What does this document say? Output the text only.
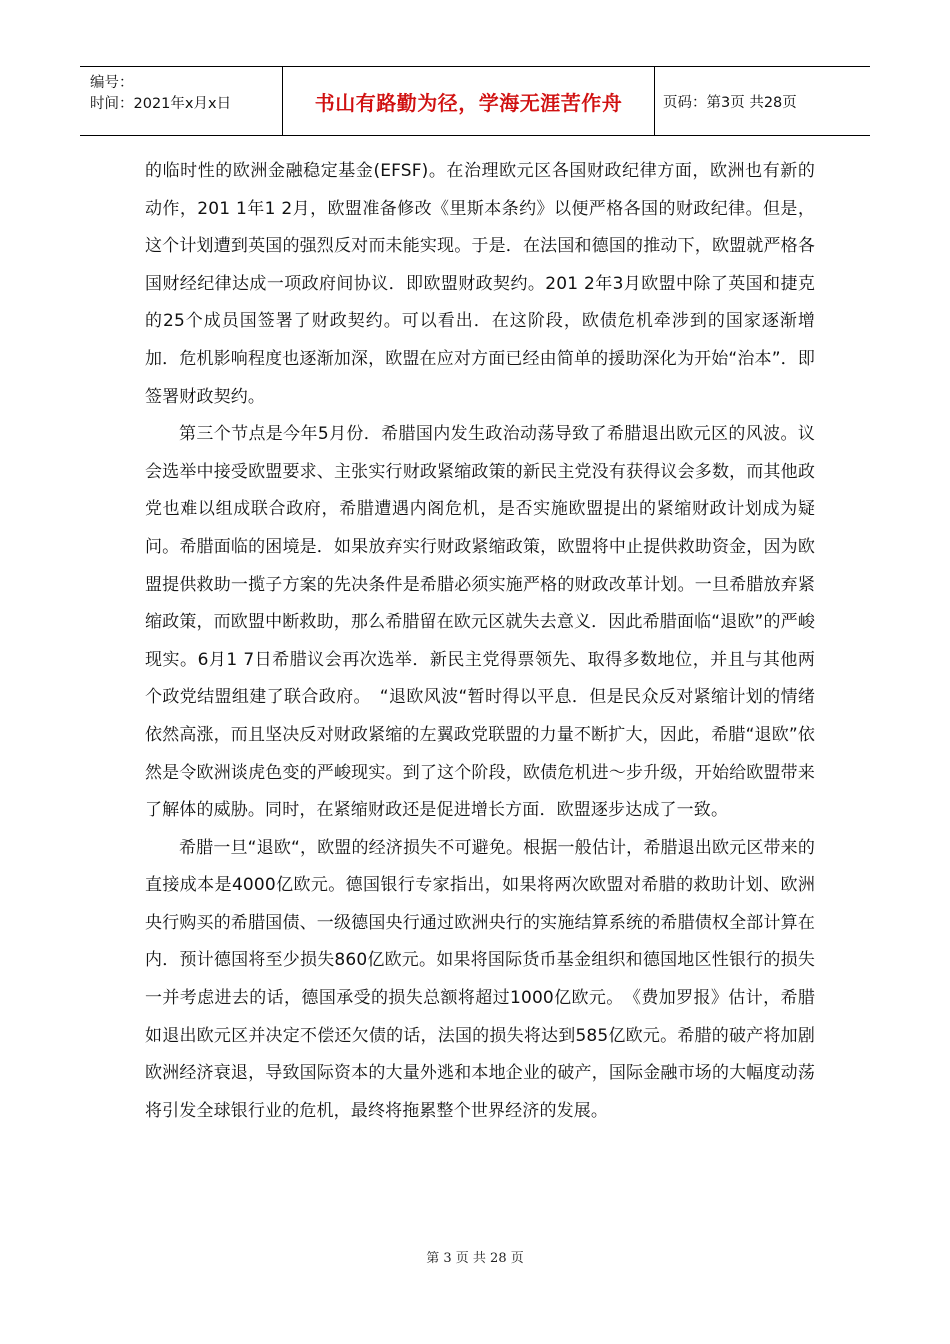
编号：
时间：2021年x月x日	书山有路勤为径，学海无涯苦作舟	页码：第3页 共28页

的临时性的欧洲金融稳定基金(EFSF)。在治理欧元区各国财政纪律方面，欧洲也有新的动作，201 1年1 2月，欧盟准备修改《里斯本条约》以便严格各国的财政纪律。但是，这个计划遭到英国的强烈反对而未能实现。于是．在法国和德国的推动下，欧盟就严格各国财经纪律达成一项政府间协议．即欧盟财政契约。201 2年3月欧盟中除了英国和捷克的25个成员国签署了财政契约。可以看出．在这阶段，欧债危机牵涉到的国家逐渐增加．危机影响程度也逐渐加深，欧盟在应对方面已经由简单的援助深化为开始“治本”．即签署财政契约。

第三个节点是今年5月份．希腊国内发生政治动荡导致了希腊退出欧元区的风波。议会选举中接受欧盟要求、主张实行财政紧缩政策的新民主党没有获得议会多数，而其他政党也难以组成联合政府，希腊遭遇内阁危机，是否实施欧盟提出的紧缩财政计划成为疑问。希腊面临的困境是．如果放弃实行财政紧缩政策，欧盟将中止提供救助资金，因为欧盟提供救助一揽子方案的先决条件是希腊必须实施严格的财政改革计划。一旦希腊放弃紧缩政策，而欧盟中断救助，那么希腊留在欧元区就失去意义．因此希腊面临“退欧”的严峻现实。6月1 7日希腊议会再次选举．新民主党得票领先、取得多数地位，并且与其他两个政党结盟组建了联合政府。　“退欧风波“暂时得以平息．但是民众反对紧缩计划的情绪依然高涨，而且坚决反对财政紧缩的左翼政党联盟的力量不断扩大，因此，希腊“退欧”依然是令欧洲谈虎色变的严峻现实。到了这个阶段，欧债危机进～步升级，开始给欧盟带来了解体的威胁。同时，在紧缩财政还是促进增长方面．欧盟逐步达成了一致。

希腊一旦“退欧“，欧盟的经济损失不可避免。根据一般估计，希腊退出欧元区带来的直接成本是4000亿欧元。德国银行专家指出，如果将两次欧盟对希腊的救助计划、欧洲央行购买的希腊国债、一级德国央行通过欧洲央行的实施结算系统的希腊债权全部计算在内．预计德国将至少损失860亿欧元。如果将国际货币基金组织和德国地区性银行的损失一并考虑进去的话，德国承受的损失总额将超过1000亿欧元。　《费加罗报》估计，希腊如退出欧元区并决定不偿还欠债的话，法国的损失将达到585亿欧元。希腊的破产将加剧欧洲经济衰退，导致国际资本的大量外逃和本地企业的破产，国际金融市场的大幅度动荡将引发全球银行业的危机，最终将拖累整个世界经济的发展。

第 3 页 共 28 页
